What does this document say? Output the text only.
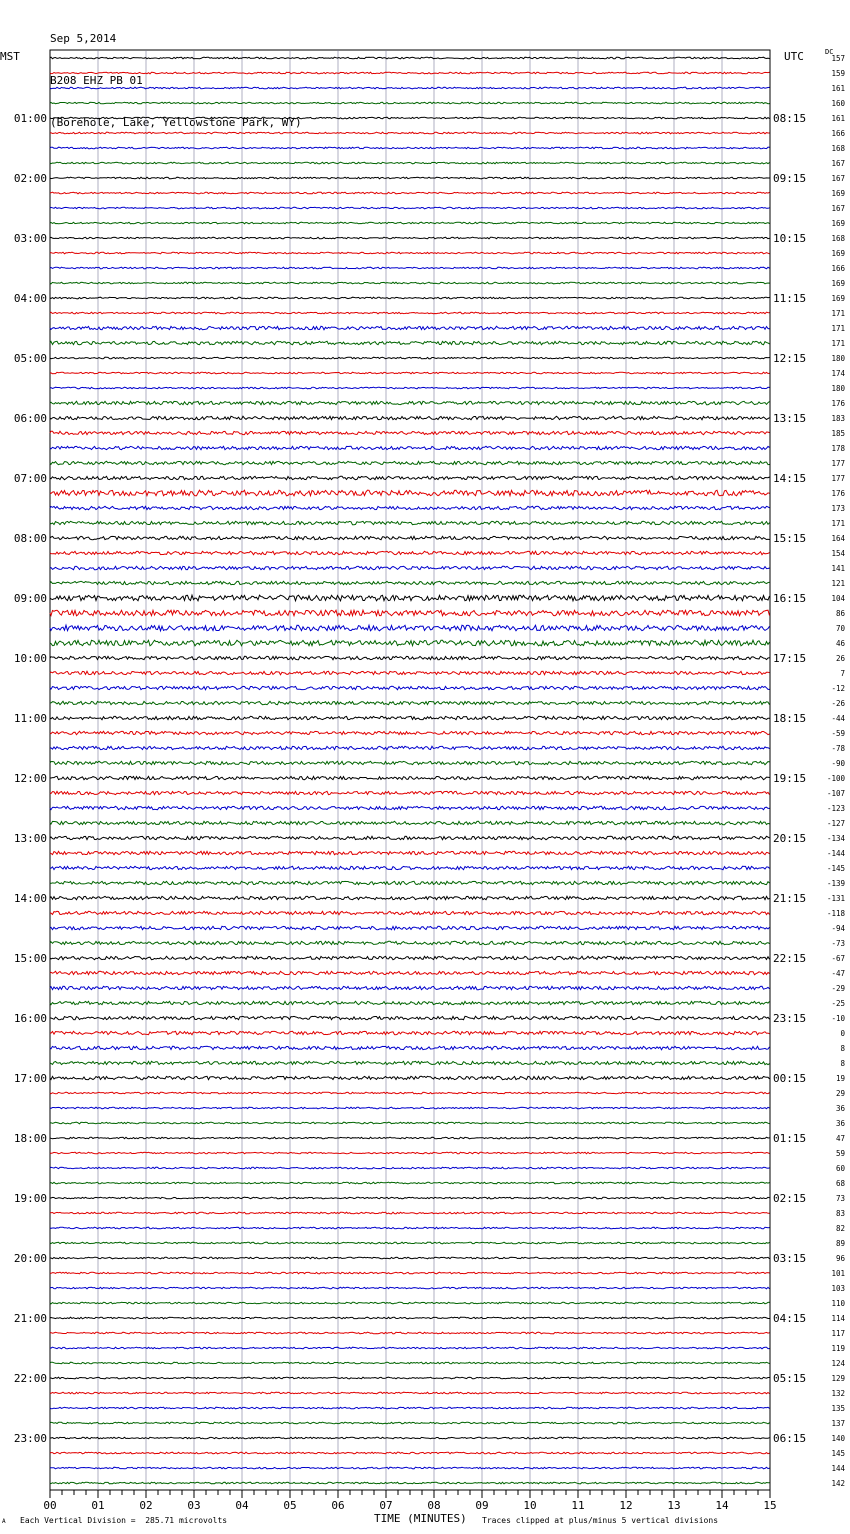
Sep 5,2014

B208 EHZ PB 01

(Borehole, Lake, Yellowstone Park, WY)

MST	UTC	DC
157
159
161
160
161
166
168
167
167
169
167
169
168
169
166
169
169
171
171
171
180
174
180
176
183
185
178
177
177
176
173
171
164
154
141
121
104
86
70
46
26
7
-12
-26
-44
-59
-78
-90
-100
-107
-123
-127
-134
-144
-145
-139
-131
-118
-94
-73
-67
-47
-29
-25
-10
0
8
8
19
29
36
36
47
59
60
68
73
83
82
89
96
101
103
110
114
117
119
124
129
132
135
137
140
145
144
142
01:00	08:15
02:00	09:15
03:00	10:15
04:00	11:15
05:00	12:15
06:00	13:15
07:00	14:15
08:00	15:15
09:00	16:15
10:00	17:15
11:00	18:15
12:00	19:15
13:00	20:15
14:00	21:15
15:00	22:15
16:00	23:15
17:00	00:15
18:00	01:15
19:00	02:15
20:00	03:15
21:00	04:15
22:00	05:15
23:00	06:15
00	01	02	03	04	05	06	07	08	09	10	11	12	13	14	15
TIME (MINUTES)
Each Vertical Division =  285.71 microvolts	Traces clipped at plus/minus 5 vertical divisions
A
